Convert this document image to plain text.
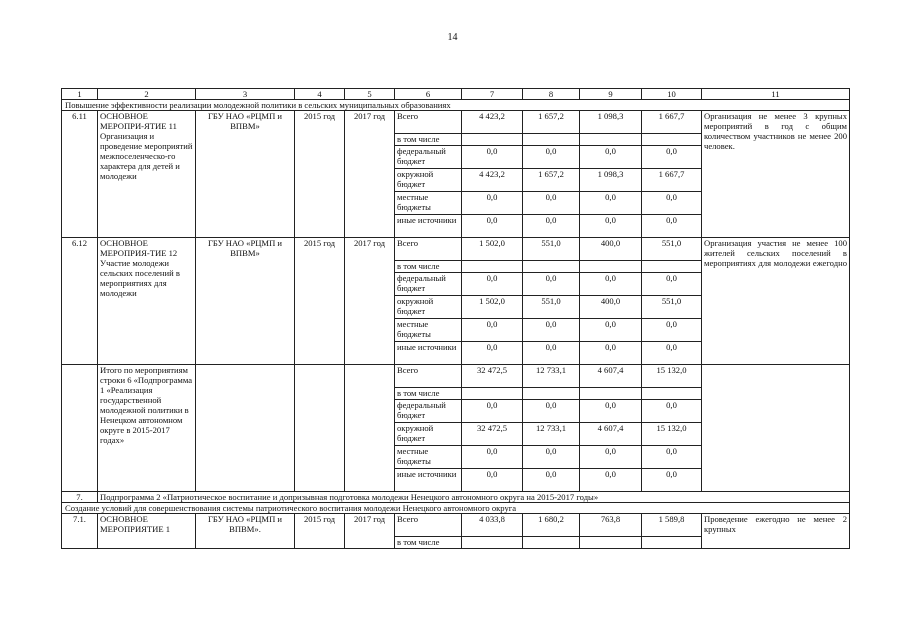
14
1	2	3	4	5	6	7	8	9	10	11
Повышение эффективности реализации молодежной политики в сельских муниципальных образованиях										
6.11	ОСНОВНОЕ МЕРОПРИ-ЯТИЕ 11 Организация и проведение мероприятий межпоселенческо-го характера для детей и молодежи	ГБУ НАО «РЦМП и ВПВМ»	2015 год	2017 год	Всего	4 423,2	1 657,2	1 098,3	1 667,7	Организация не менее 3 крупных мероприятий в год с общим количеством участников не менее 200 человек.
					в том числе					
					федеральный бюджет	0,0	0,0	0,0	0,0	
					окружной бюджет	4 423,2	1 657,2	1 098,3	1 667,7	
					местные бюджеты	0,0	0,0	0,0	0,0	
					иные источники	0,0	0,0	0,0	0,0	
6.12	ОСНОВНОЕ МЕРОПРИЯ-ТИЕ 12 Участие молодежи сельских поселений в мероприятиях для молодежи	ГБУ НАО «РЦМП и ВПВМ»	2015 год	2017 год	Всего	1 502,0	551,0	400,0	551,0	Организация участия не менее 100 жителей сельских поселений в мероприятиях для молодежи ежегодно
					в том числе					
					федеральный бюджет	0,0	0,0	0,0	0,0	
					окружной бюджет	1 502,0	551,0	400,0	551,0	
					местные бюджеты	0,0	0,0	0,0	0,0	
					иные источники	0,0	0,0	0,0	0,0	
	Итого по мероприятиям строки 6 «Подпрограмма 1 «Реализация государственной молодежной политики в Ненецком автономном округе в 2015-2017 годах»				Всего	32 472,5	12 733,1	4 607,4	15 132,0	
					в том числе					
					федеральный бюджет	0,0	0,0	0,0	0,0	
					окружной бюджет	32 472,5	12 733,1	4 607,4	15 132,0	
					местные бюджеты	0,0	0,0	0,0	0,0	
					иные источники	0,0	0,0	0,0	0,0	
7.	Подпрограмма 2 «Патриотическое воспитание и допризывная подготовка молодежи Ненецкого автономного округа на 2015-2017 годы»									
Создание условий для совершенствования системы патриотического воспитания молодежи Ненецкого автономного округа										
7.1.	ОСНОВНОЕ МЕРОПРИЯТИЕ 1	ГБУ НАО «РЦМП и ВПВМ».	2015 год	2017 год	Всего	4 033,8	1 680,2	763,8	1 589,8	Проведение ежегодно не менее 2 крупных
					в том числе					
